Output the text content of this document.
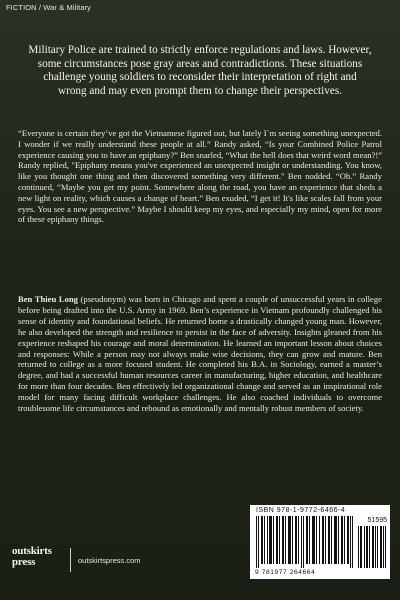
FICTION / War & Military
Military Police are trained to strictly enforce regulations and laws. However, some circumstances pose gray areas and contradictions. These situations challenge young soldiers to reconsider their interpretation of right and wrong and may even prompt them to change their perspectives.
“Everyone is certain they’ve got the Vietnamese figured out, but lately I`m seeing something unexpected. I wonder if we really understand these people at all.” Randy asked, “Is your Combined Police Patrol experience causing you to have an epiphany?” Ben snarled, “What the hell does that weird word mean?!” Randy replied, "Epiphany means you've experienced an unexpected insight or understanding. You know, like you thought one thing and then discovered something very different." Ben nodded. “Oh.” Randy continued, “Maybe you get my point. Somewhere along the road, you have an experience that sheds a new light on reality, which causes a change of heart.” Ben exuded, “I get it! It's like scales fall from your eyes. You see a new perspective.” Maybe I should keep my eyes, and especially my mind, open for more of these epiphany things.
Ben Thieu Long (pseudonym) was born in Chicago and spent a couple of unsuccessful years in college before being drafted into the U.S. Army in 1969. Ben’s experience in Vietnam profoundly challenged his sense of identity and foundational beliefs. He returned home a drastically changed young man. However, he also developed the strength and resilience to persist in the face of adversity. Insights gleaned from his experience reshaped his courage and moral determination. He learned an important lesson about choices and responses: While a person may not always make wise decisions, they can grow and mature. Ben returned to college as a more focused student. He completed his B.A. in Sociology, earned a master’s degree, and had a successful human resources career in manufacturing, higher education, and healthcare for more than four decades. Ben effectively led organizational change and served as an inspirational role model for many facing difficult workplace challenges. He also coached individuals to overcome troublesome life circumstances and rebound as emotionally and mentally robust members of society.
ISBN 978-1-9772-6466-4
51595
9 781977 264664
outskirts
press	outskirtspress.com
